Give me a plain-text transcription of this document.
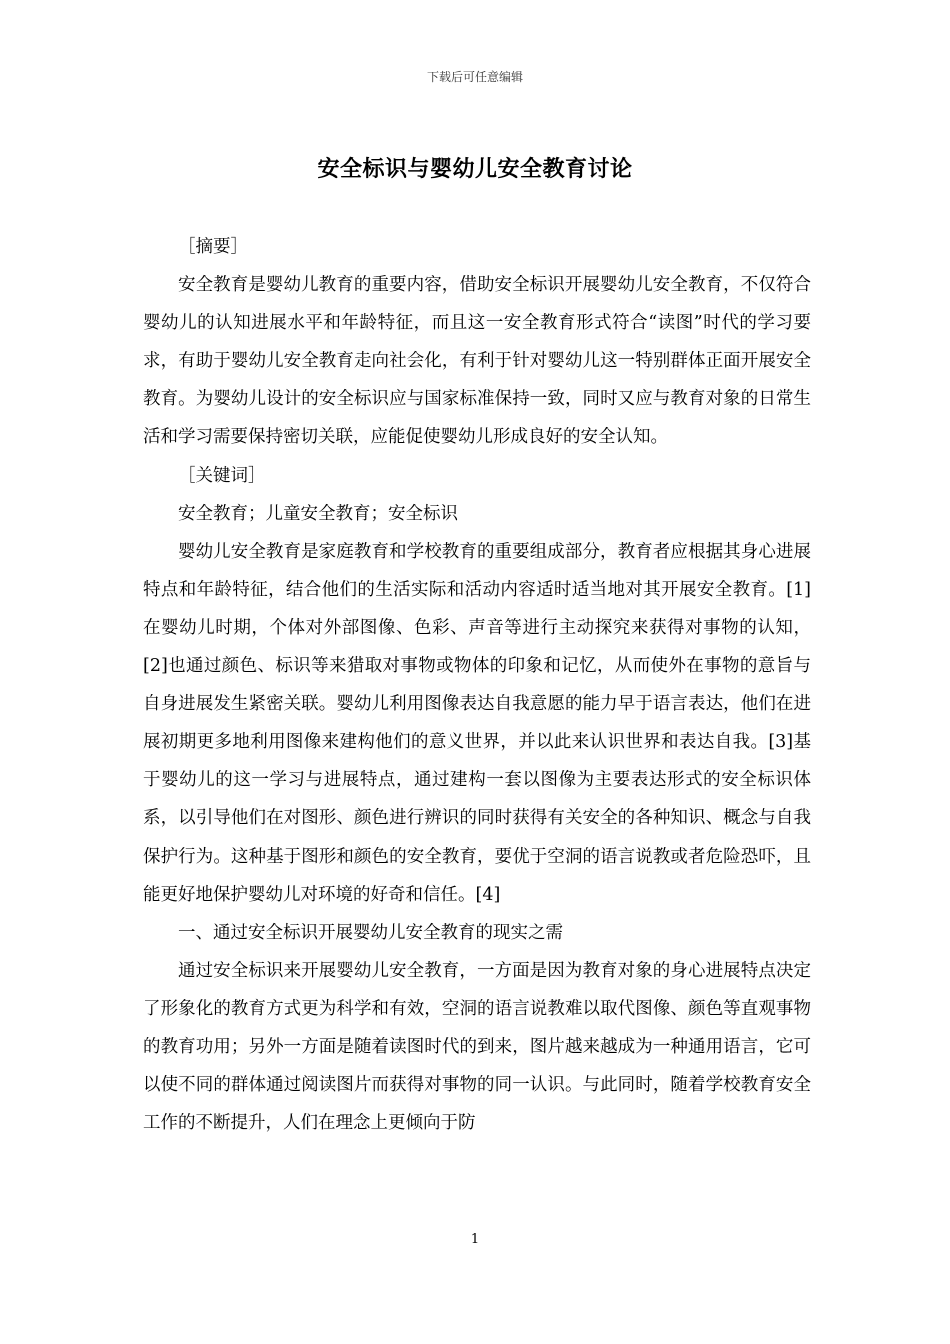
下载后可任意编辑
安全标识与婴幼儿安全教育讨论

［摘要］

安全教育是婴幼儿教育的重要内容，借助安全标识开展婴幼儿安全教育，不仅符合婴幼儿的认知进展水平和年龄特征，而且这一安全教育形式符合“读图”时代的学习要求，有助于婴幼儿安全教育走向社会化，有利于针对婴幼儿这一特别群体正面开展安全教育。为婴幼儿设计的安全标识应与国家标准保持一致，同时又应与教育对象的日常生活和学习需要保持密切关联，应能促使婴幼儿形成良好的安全认知。

［关键词］

安全教育；儿童安全教育；安全标识

婴幼儿安全教育是家庭教育和学校教育的重要组成部分，教育者应根据其身心进展特点和年龄特征，结合他们的生活实际和活动内容适时适当地对其开展安全教育。[1]在婴幼儿时期，个体对外部图像、色彩、声音等进行主动探究来获得对事物的认知，[2]也通过颜色、标识等来猎取对事物或物体的印象和记忆，从而使外在事物的意旨与自身进展发生紧密关联。婴幼儿利用图像表达自我意愿的能力早于语言表达，他们在进展初期更多地利用图像来建构他们的意义世界，并以此来认识世界和表达自我。[3]基于婴幼儿的这一学习与进展特点，通过建构一套以图像为主要表达形式的安全标识体系，以引导他们在对图形、颜色进行辨识的同时获得有关安全的各种知识、概念与自我保护行为。这种基于图形和颜色的安全教育，要优于空洞的语言说教或者危险恐吓，且能更好地保护婴幼儿对环境的好奇和信任。[4]

一、通过安全标识开展婴幼儿安全教育的现实之需

通过安全标识来开展婴幼儿安全教育，一方面是因为教育对象的身心进展特点决定了形象化的教育方式更为科学和有效，空洞的语言说教难以取代图像、颜色等直观事物的教育功用；另外一方面是随着读图时代的到来，图片越来越成为一种通用语言，它可以使不同的群体通过阅读图片而获得对事物的同一认识。与此同时，随着学校教育安全工作的不断提升，人们在理念上更倾向于防

1
